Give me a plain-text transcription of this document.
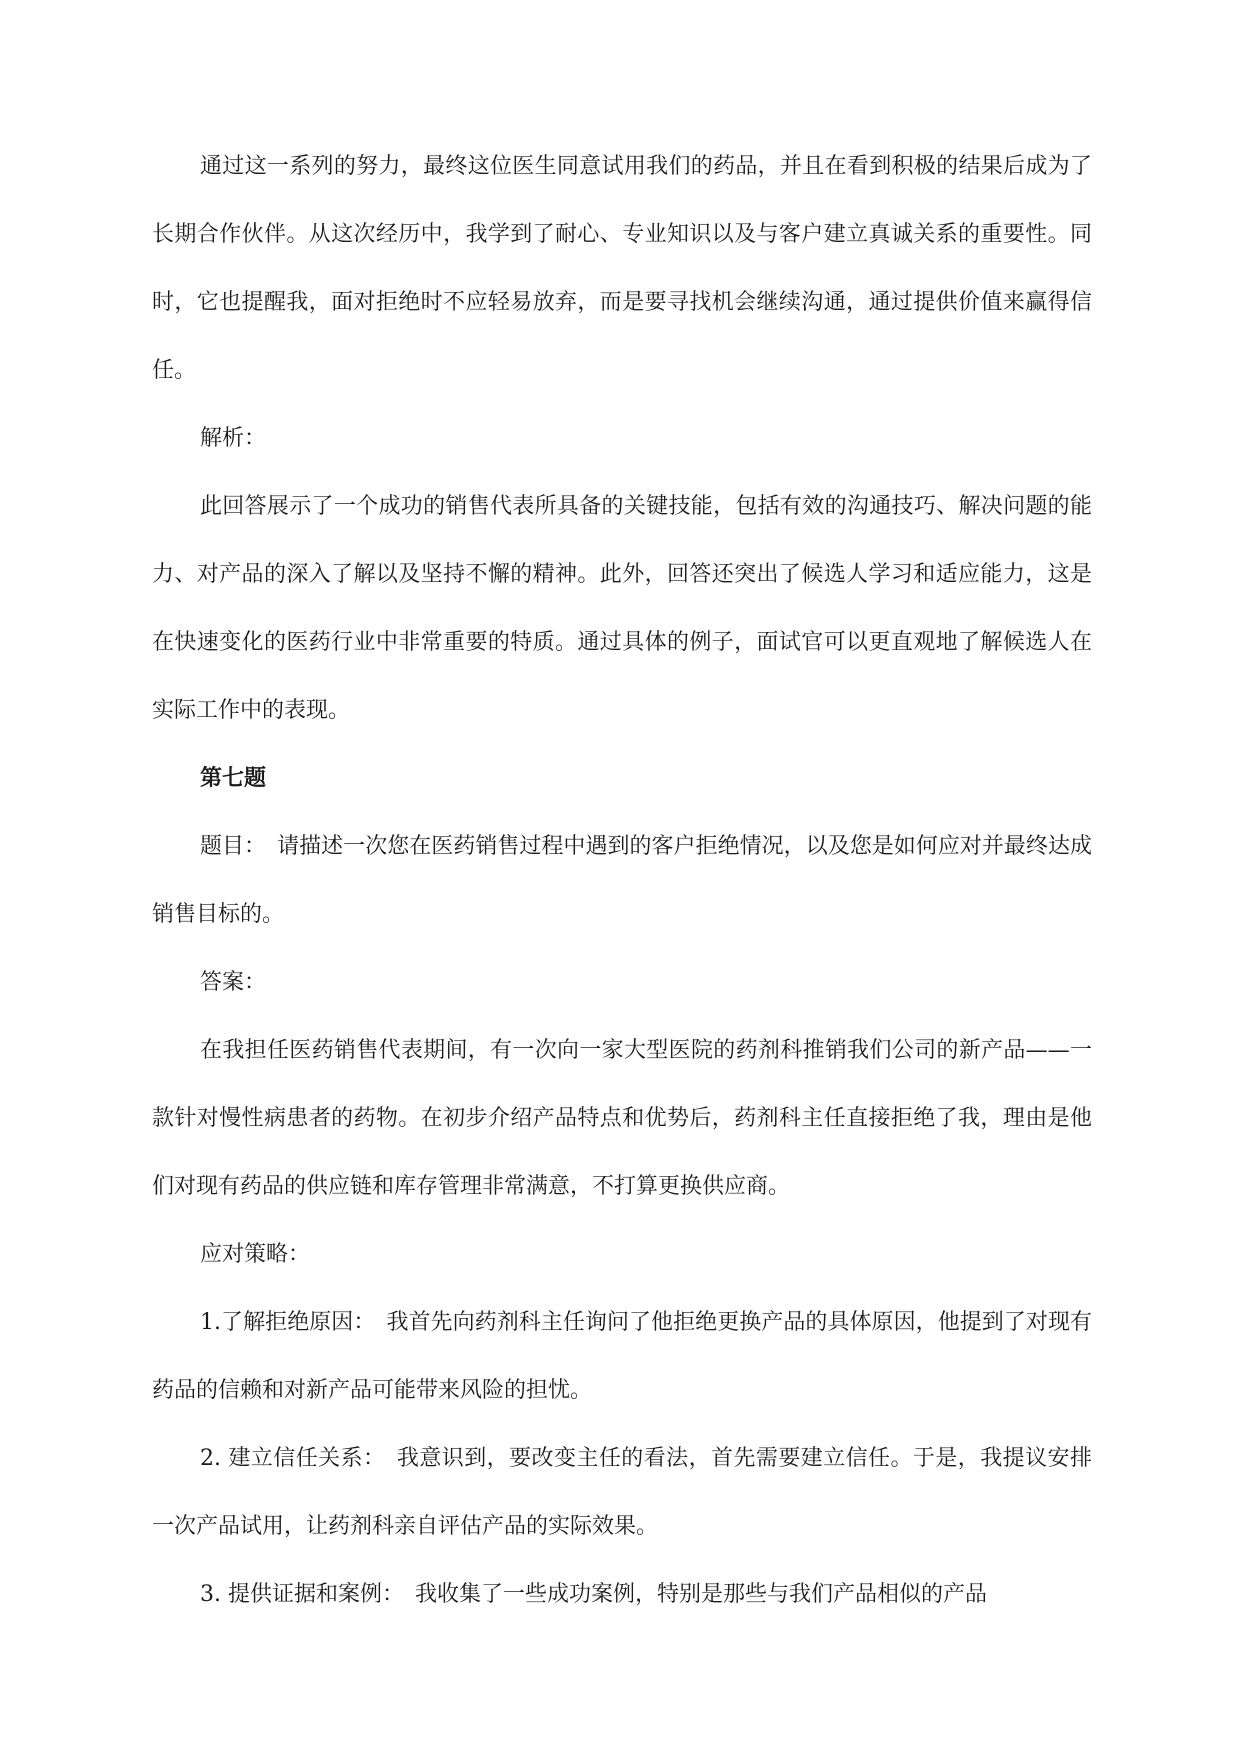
通过这一系列的努力，最终这位医生同意试用我们的药品，并且在看到积极的结果后成为了长期合作伙伴。从这次经历中，我学到了耐心、专业知识以及与客户建立真诚关系的重要性。同时，它也提醒我，面对拒绝时不应轻易放弃，而是要寻找机会继续沟通，通过提供价值来赢得信任。

解析：

此回答展示了一个成功的销售代表所具备的关键技能，包括有效的沟通技巧、解决问题的能力、对产品的深入了解以及坚持不懈的精神。此外，回答还突出了候选人学习和适应能力，这是在快速变化的医药行业中非常重要的特质。通过具体的例子，面试官可以更直观地了解候选人在实际工作中的表现。

第七题

题目：　请描述一次您在医药销售过程中遇到的客户拒绝情况，以及您是如何应对并最终达成销售目标的。

答案：

在我担任医药销售代表期间，有一次向一家大型医院的药剂科推销我们公司的新产品——一款针对慢性病患者的药物。在初步介绍产品特点和优势后，药剂科主任直接拒绝了我，理由是他们对现有药品的供应链和库存管理非常满意，不打算更换供应商。

应对策略：

1.了解拒绝原因：　我首先向药剂科主任询问了他拒绝更换产品的具体原因，他提到了对现有药品的信赖和对新产品可能带来风险的担忧。

2. 建立信任关系：　我意识到，要改变主任的看法，首先需要建立信任。于是，我提议安排一次产品试用，让药剂科亲自评估产品的实际效果。

3. 提供证据和案例：　我收集了一些成功案例，特别是那些与我们产品相似的产品
